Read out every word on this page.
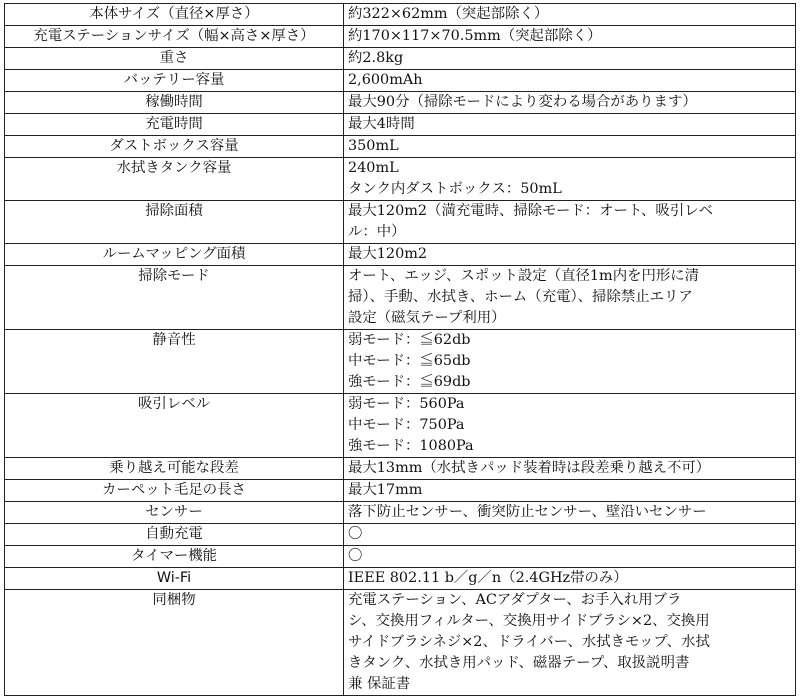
本体サイズ（直径×厚さ）	約322×62mm（突起部除く）

充電ステーションサイズ（幅×高さ×厚さ）	約170×117×70.5mm（突起部除く）

重さ	約2.8kg

バッテリー容量	2,600mAh

稼働時間	最大90分（掃除モードにより変わる場合があります）

充電時間	最大4時間

ダストボックス容量	350mL

水拭きタンク容量	240mL
タンク内ダストボックス：50mL

掃除面積	最大120m2（満充電時、掃除モード：オート、吸引レベ
ル：中）

ルームマッピング面積	最大120m2

掃除モード	オート、エッジ、スポット設定（直径1m内を円形に清
掃）、手動、水拭き、ホーム（充電）、掃除禁止エリア
設定（磁気テープ利用）

静音性	弱モード：≦62db
中モード：≦65db
強モード：≦69db

吸引レベル	弱モード：560Pa
中モード：750Pa
強モード：1080Pa

乗り越え可能な段差	最大13mm（水拭きパッド装着時は段差乗り越え不可）

カーペット毛足の長さ	最大17mm

センサー	落下防止センサー、衝突防止センサー、壁沿いセンサー

自動充電	〇

タイマー機能	〇

Wi-Fi	IEEE 802.11 b／g／n（2.4GHz帯のみ）

同梱物	充電ステーション、ACアダプター、お手入れ用ブラ
シ、交換用フィルター、交換用サイドブラシ×2、交換用
サイドブラシネジ×2、ドライバー、水拭きモップ、水拭
きタンク、水拭き用パッド、磁器テープ、取扱説明書
兼 保証書
